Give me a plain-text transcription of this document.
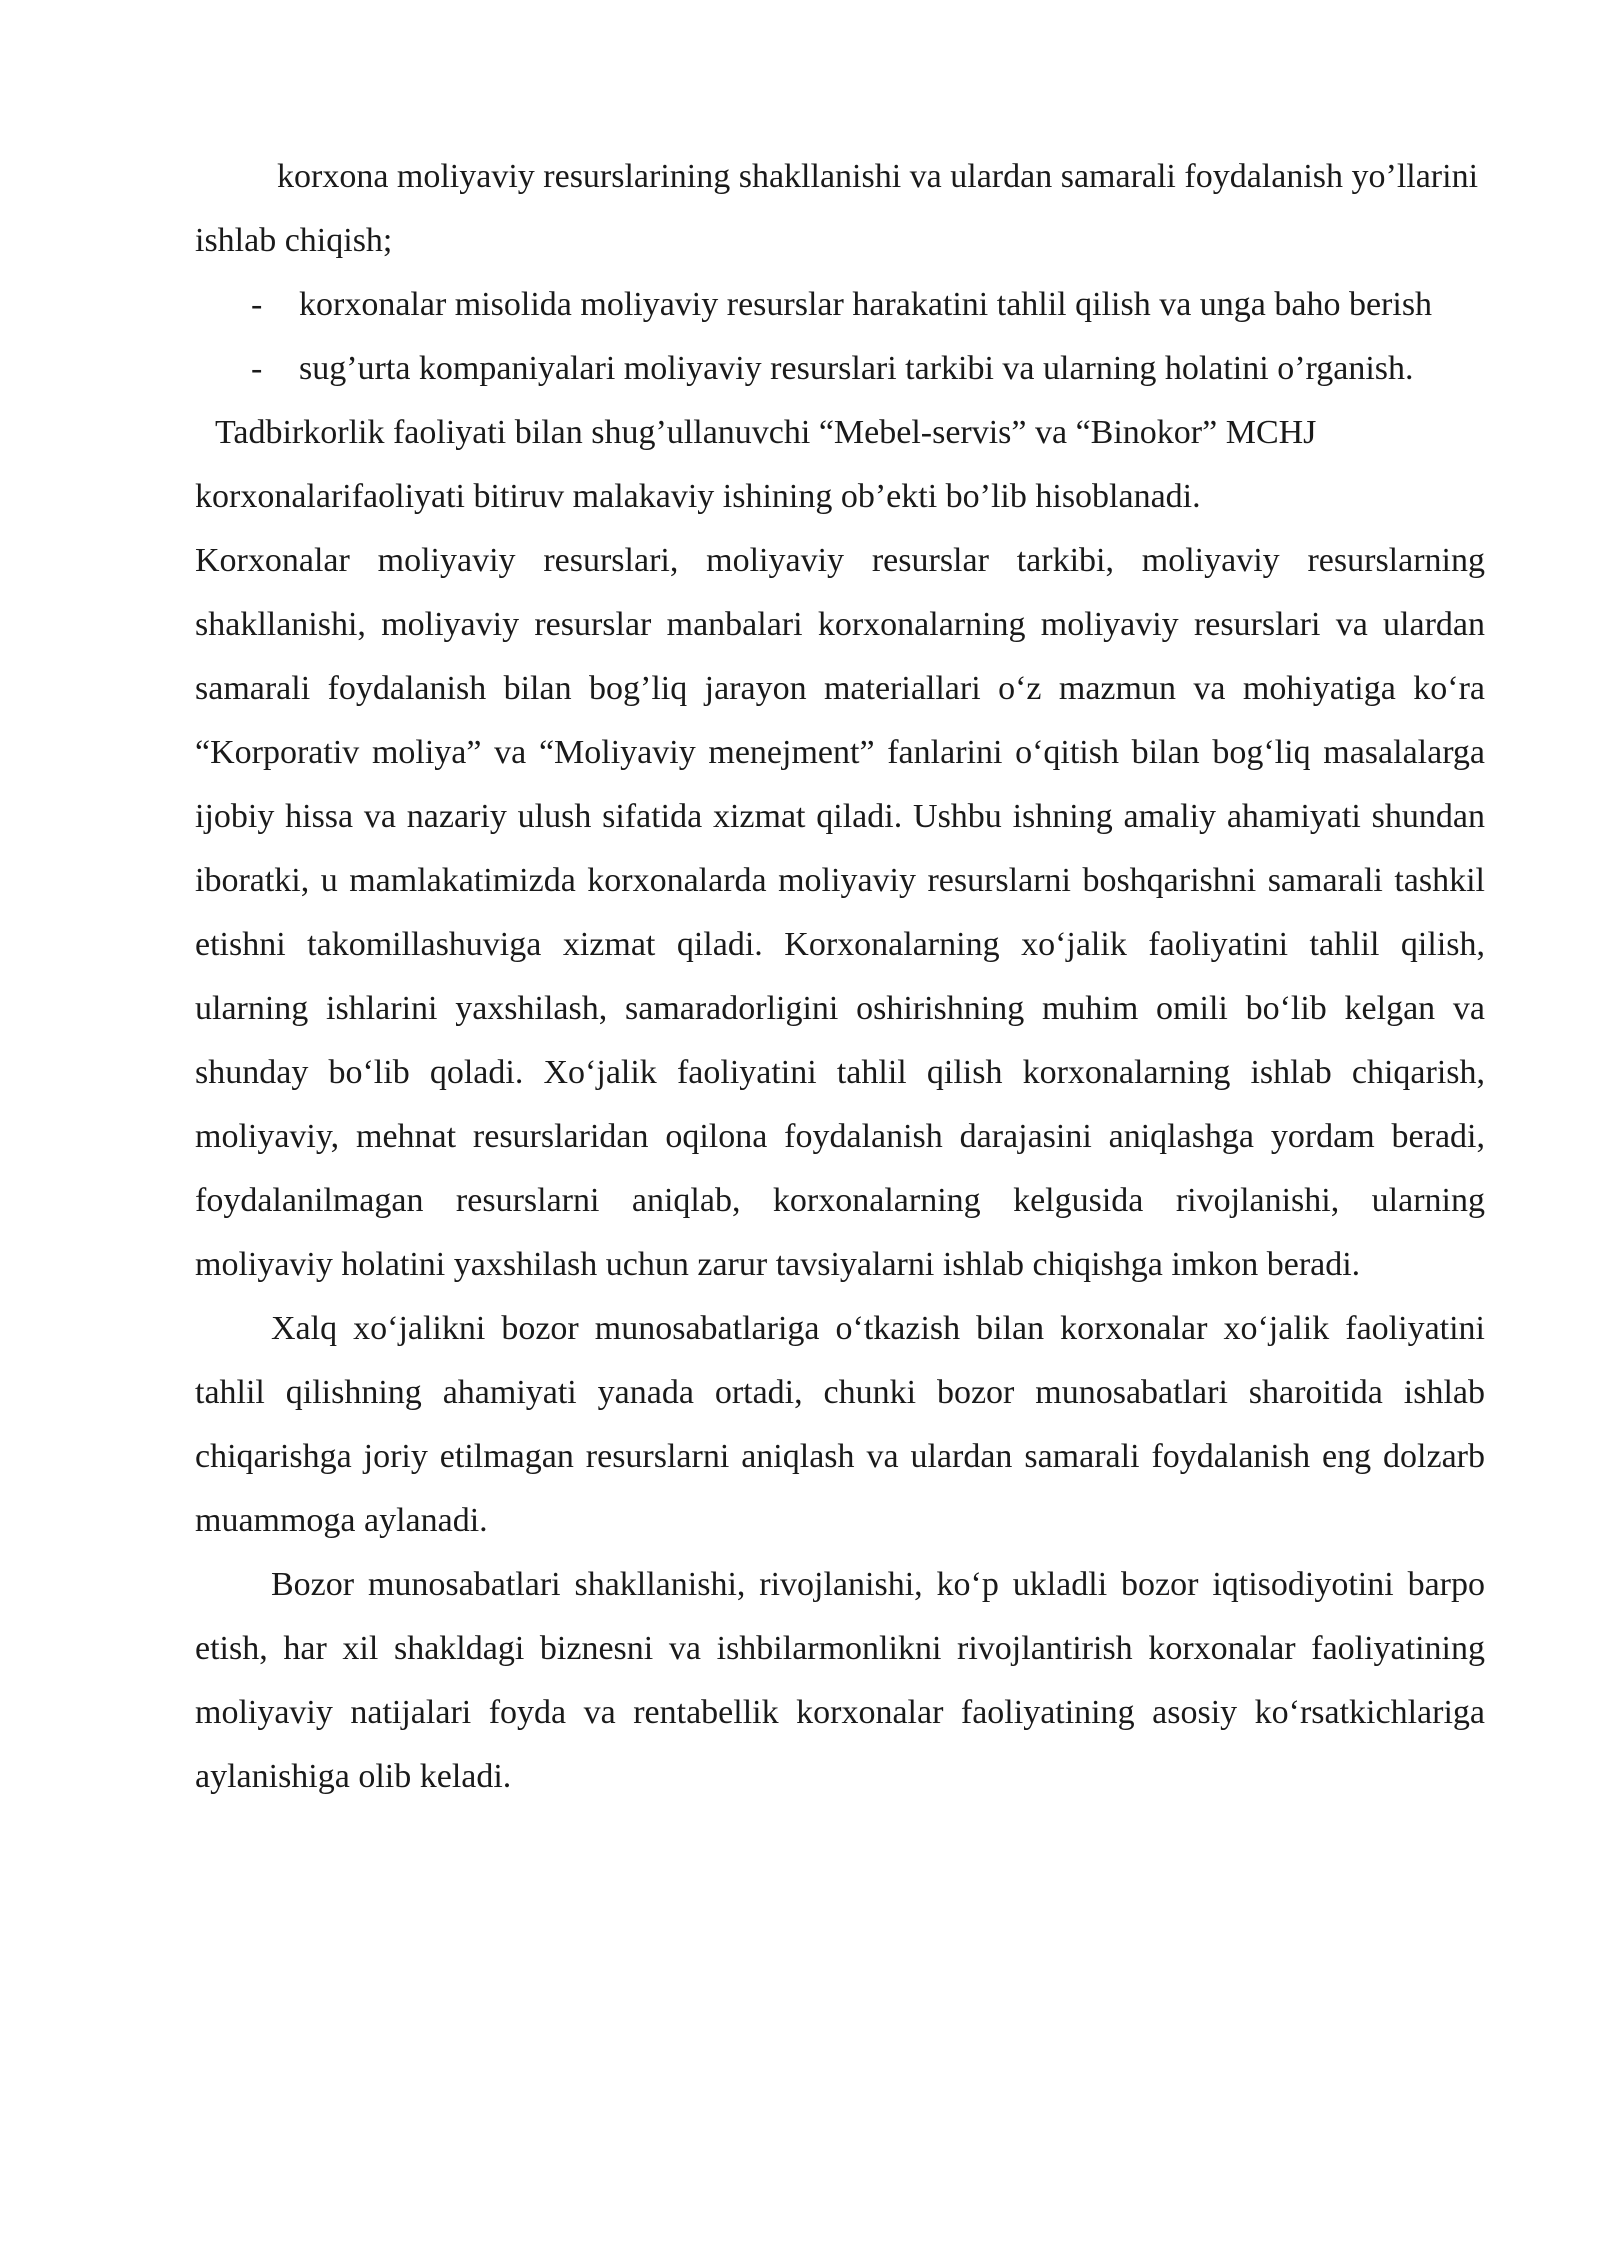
korxona moliyaviy resurslarining shakllanishi va ulardan samarali foydalanish yo’llarini ishlab chiqish;

- korxonalar misolida moliyaviy resurslar harakatini tahlil qilish va unga baho berish
- sug’urta kompaniyalari moliyaviy resurslari tarkibi va ularning holatini o’rganish.

Tadbirkorlik faoliyati bilan shug’ullanuvchi “Mebel-servis” va “Binokor” MCHJ korxonalarifaoliyati bitiruv malakaviy ishining ob’ekti bo’lib hisoblanadi.

Korxonalar moliyaviy resurslari, moliyaviy resurslar tarkibi, moliyaviy resurslarning shakllanishi, moliyaviy resurslar manbalari korxonalarning moliyaviy resurslari va ulardan samarali foydalanish bilan bog’liq jarayon materiallari o‘z mazmun va mohiyatiga ko‘ra “Korporativ moliya” va “Moliyaviy menejment” fanlarini o‘qitish bilan bog‘liq masalalarga ijobiy hissa va nazariy ulush sifatida xizmat qiladi. Ushbu ishning amaliy ahamiyati shundan iboratki, u mamlakatimizda korxonalarda moliyaviy resurslarni boshqarishni samarali tashkil etishni takomillashuviga xizmat qiladi. Korxonalarning xo‘jalik faoliyatini tahlil qilish, ularning ishlarini yaxshilash, samaradorligini oshirishning muhim omili bo‘lib kelgan va shunday bo‘lib qoladi. Xo‘jalik faoliyatini tahlil qilish korxonalarning ishlab chiqarish, moliyaviy, mehnat resurslaridan oqilona foydalanish darajasini aniqlashga yordam beradi, foydalanilmagan resurslarni aniqlab, korxonalarning kelgusida rivojlanishi, ularning moliyaviy holatini yaxshilash uchun zarur tavsiyalarni ishlab chiqishga imkon beradi.

Xalq xo‘jalikni bozor munosabatlariga o‘tkazish bilan korxonalar xo‘jalik faoliyatini tahlil qilishning ahamiyati yanada ortadi, chunki bozor munosabatlari sharoitida ishlab chiqarishga joriy etilmagan resurslarni aniqlash va ulardan samarali foydalanish eng dolzarb muammoga aylanadi.

Bozor munosabatlari shakllanishi, rivojlanishi, ko‘p ukladli bozor iqtisodiyotini barpo etish, har xil shakldagi biznesni va ishbilarmonlikni rivojlantirish korxonalar faoliyatining moliyaviy natijalari foyda va rentabellik korxonalar faoliyatining asosiy ko‘rsatkichlariga aylanishiga olib keladi.
